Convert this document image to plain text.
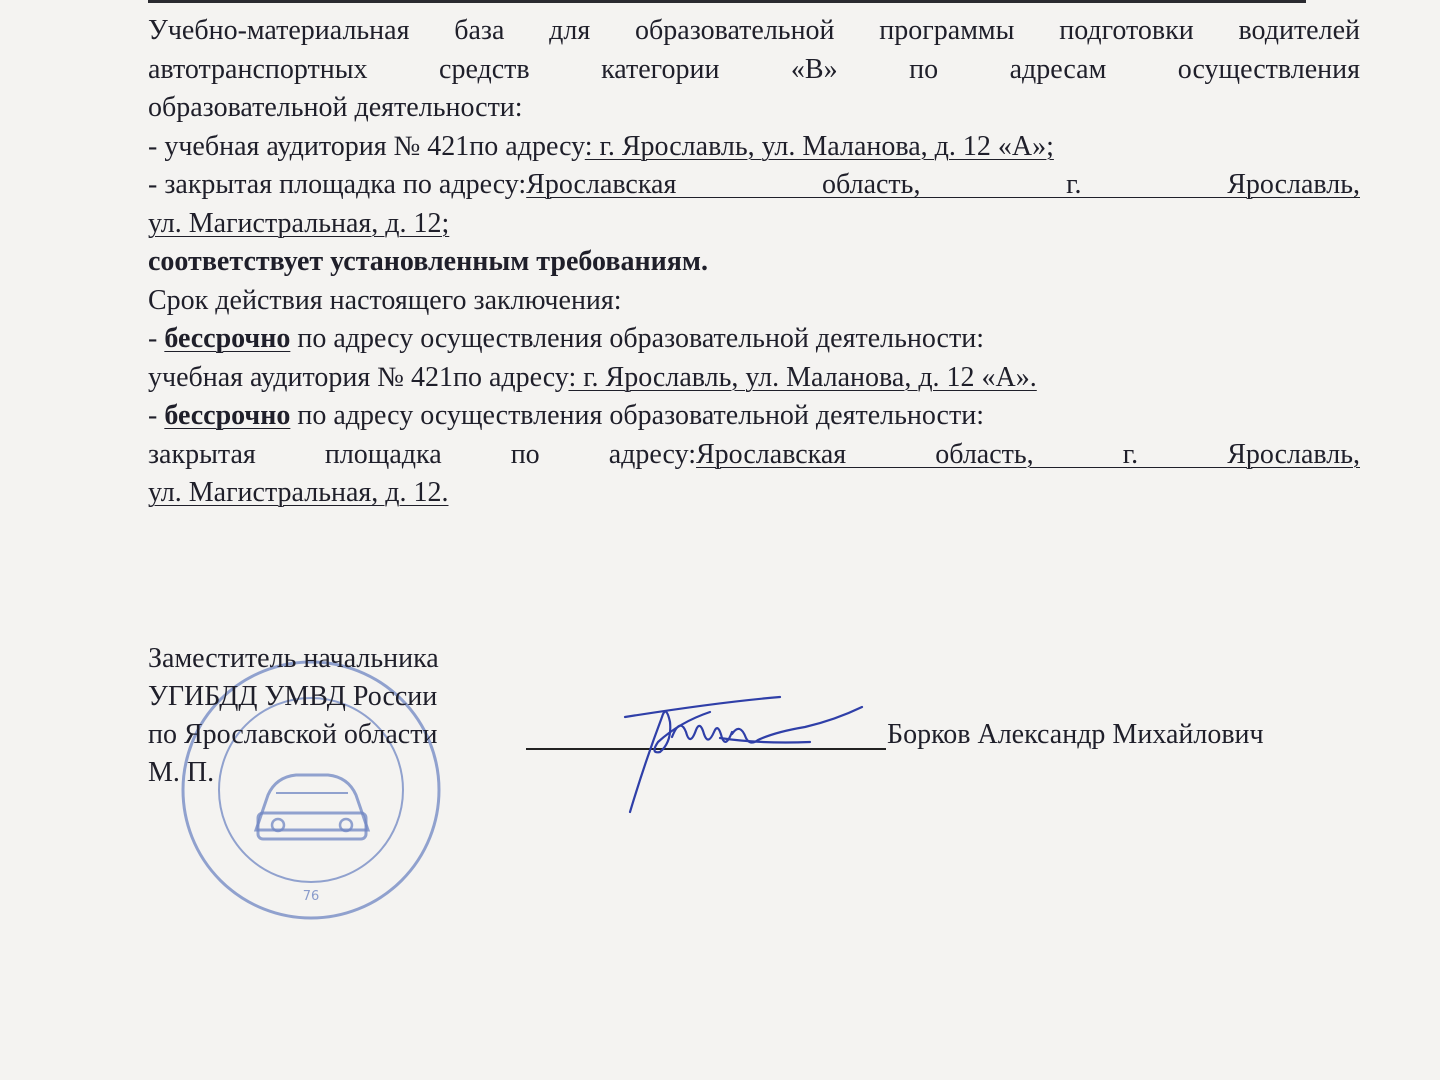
Учебно-материальная база для образовательной программы подготовки водителей
автотранспортных средств категории «B» по адресам осуществления
образовательной деятельности:
- учебная аудитория № 421по адресу: г. Ярославль, ул. Маланова, д. 12 «А»;
- закрытая площадка по адресу: Ярославская область, г. Ярославль,
ул. Магистральная, д. 12;
соответствует установленным требованиям.
Срок действия настоящего заключения:
- бессрочно по адресу осуществления образовательной деятельности:
учебная аудитория № 421по адресу: г. Ярославль, ул. Маланова, д. 12 «А».
- бессрочно по адресу осуществления образовательной деятельности:
закрытая площадка по адресу: Ярославская область, г. Ярославль,
ул. Магистральная, д. 12.
76
Заместитель начальника
УГИБДД УМВД России
по Ярославской области
М. П.
Борков Александр Михайлович
